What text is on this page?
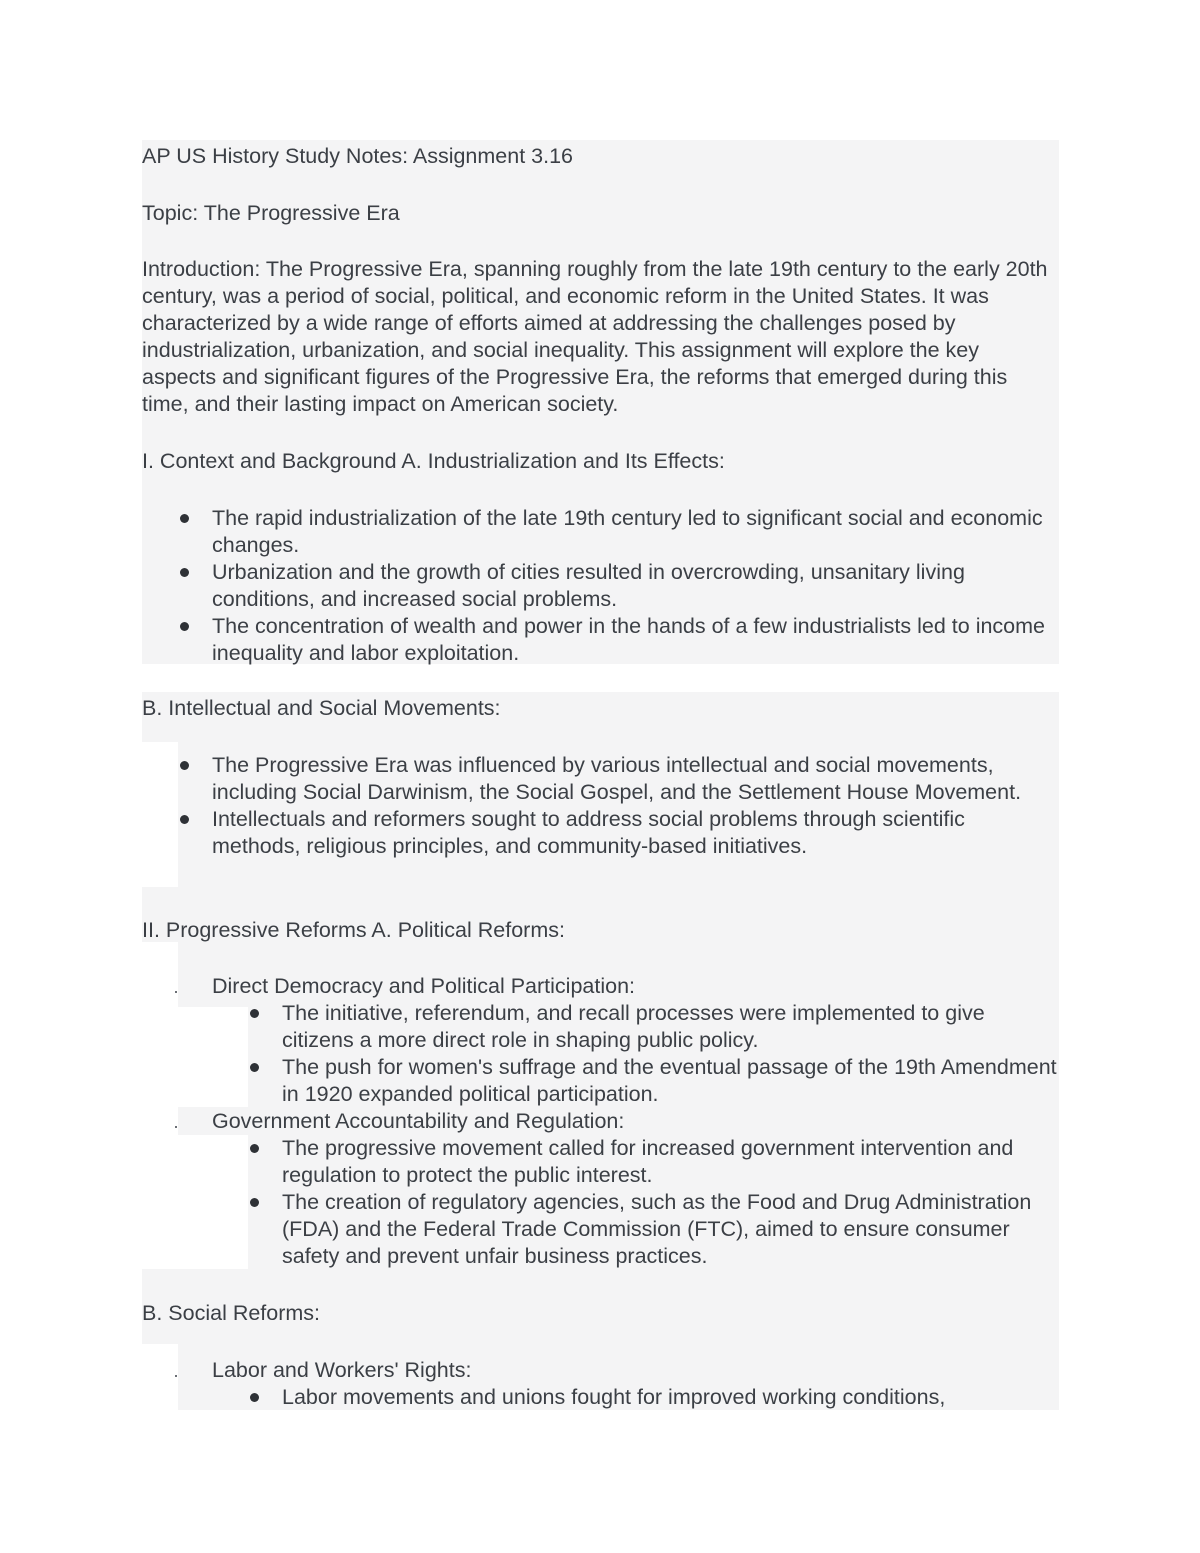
AP US History Study Notes: Assignment 3.16

Topic: The Progressive Era

Introduction: The Progressive Era, spanning roughly from the late 19th century to the early 20th century, was a period of social, political, and economic reform in the United States. It was characterized by a wide range of efforts aimed at addressing the challenges posed by industrialization, urbanization, and social inequality. This assignment will explore the key aspects and significant figures of the Progressive Era, the reforms that emerged during this time, and their lasting impact on American society.

I. Context and Background A. Industrialization and Its Effects:

The rapid industrialization of the late 19th century led to significant social and economic changes.
Urbanization and the growth of cities resulted in overcrowding, unsanitary living conditions, and increased social problems.
The concentration of wealth and power in the hands of a few industrialists led to income inequality and labor exploitation.

B. Intellectual and Social Movements:

The Progressive Era was influenced by various intellectual and social movements, including Social Darwinism, the Social Gospel, and the Settlement House Movement.
Intellectuals and reformers sought to address social problems through scientific methods, religious principles, and community-based initiatives.

II. Progressive Reforms A. Political Reforms:

Direct Democracy and Political Participation:

The initiative, referendum, and recall processes were implemented to give citizens a more direct role in shaping public policy.
The push for women's suffrage and the eventual passage of the 19th Amendment in 1920 expanded political participation.

Government Accountability and Regulation:

The progressive movement called for increased government intervention and regulation to protect the public interest.
The creation of regulatory agencies, such as the Food and Drug Administration (FDA) and the Federal Trade Commission (FTC), aimed to ensure consumer safety and prevent unfair business practices.

B. Social Reforms:

Labor and Workers' Rights:

Labor movements and unions fought for improved working conditions,
